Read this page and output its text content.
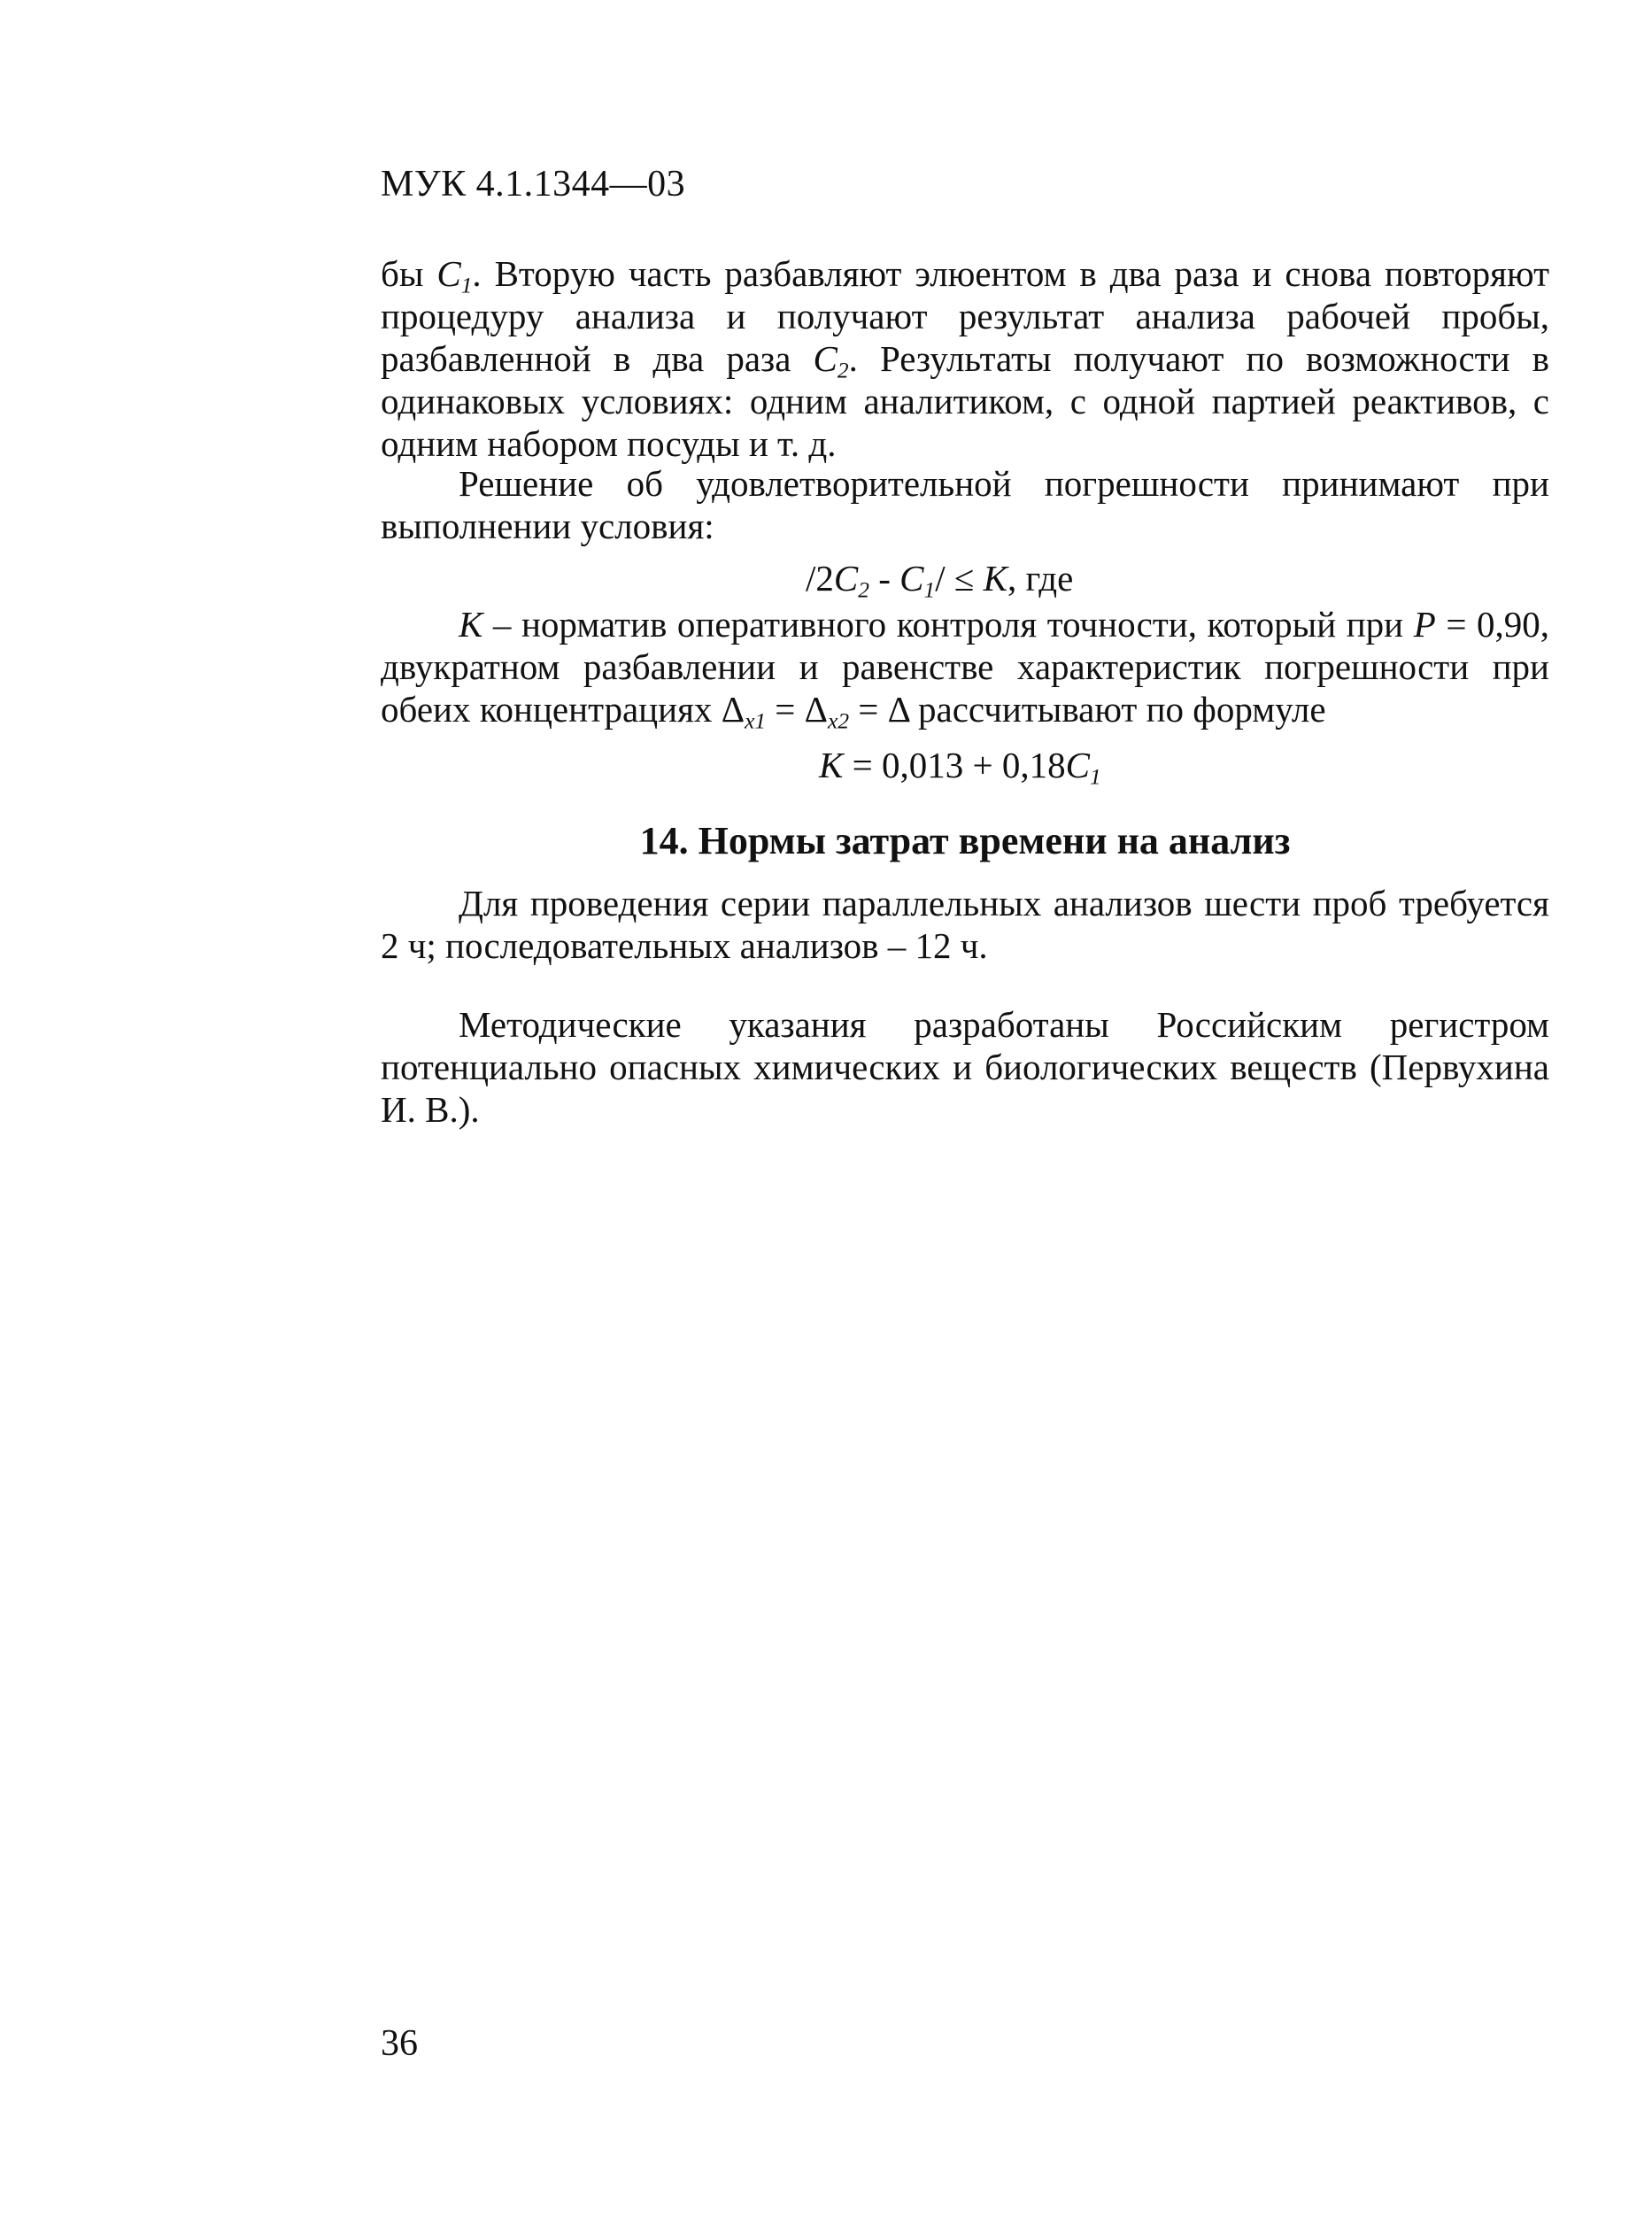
МУК 4.1.1344—03
бы $C_1$. Вторую часть разбавляют элюентом в два раза и снова повторяют процедуру анализа и получают результат анализа рабочей пробы, разбавленной в два раза $C_2$. Результаты получают по возможности в одинаковых условиях: одним аналитиком, с одной партией реактивов, с одним набором посуды и т. д.
Решение об удовлетворительной погрешности принимают при выполнении условия:
$/2C_2 - C_1/ \le K$, где
K – норматив оперативного контроля точности, который при P = 0,90, двукратном разбавлении и равенстве характеристик погрешности при обеих концентрациях $\Delta_{x1} = \Delta_{x2} = \Delta$ рассчитывают по формуле
$K = 0,013 + 0,18C_1$
14. Нормы затрат времени на анализ
Для проведения серии параллельных анализов шести проб требуется 2 ч; последовательных анализов – 12 ч.
Методические указания разработаны Российским регистром потенциально опасных химических и биологических веществ (Первухина И. В.).
36
